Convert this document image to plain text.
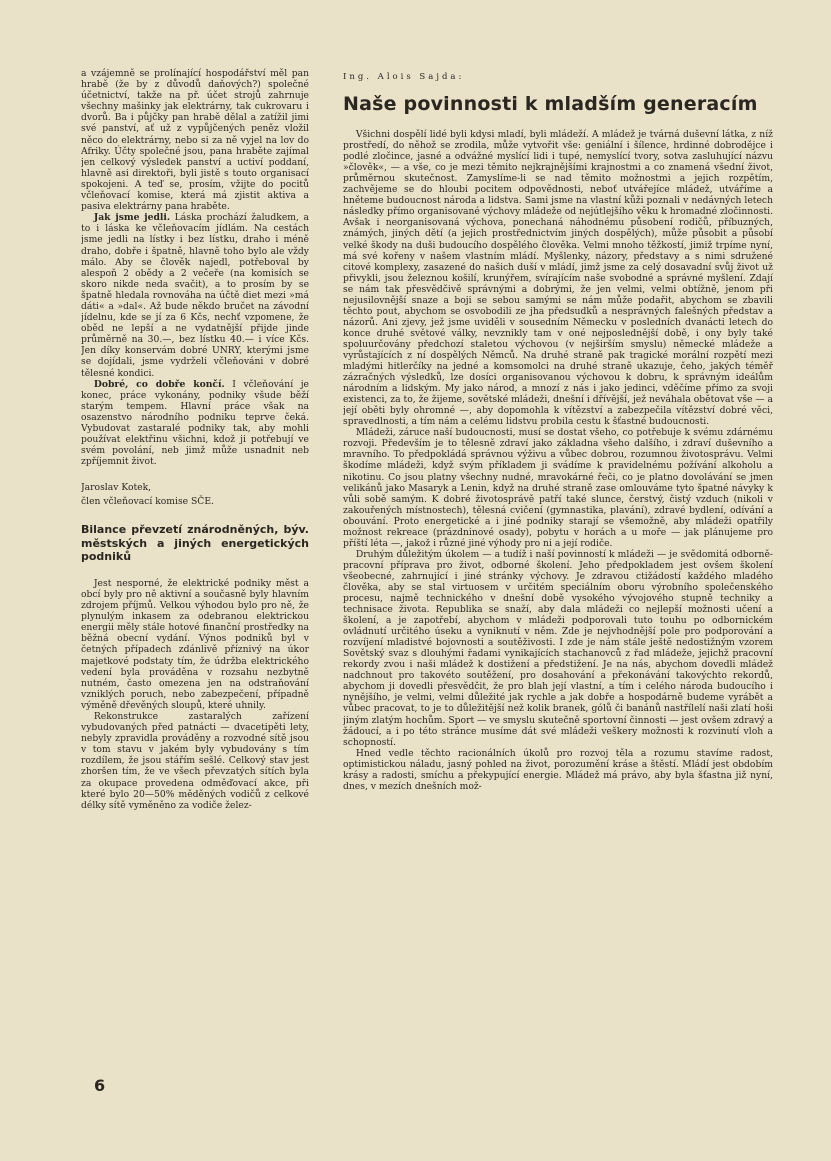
a vzájemně se prolínající hospodářství měl pan hrabě (že by z důvodů daňových?) společné účetnictví, takže na př. účet strojů zahrnuje všechny mašinky jak elektrárny, tak cukrovaru i dvorů. Ba i půjčky pan hrabě dělal a zatížil jimi své panství, ať už z vypůjčených peněz vložil něco do elektrárny, nebo si za ně vyjel na lov do Afriky. Účty společné jsou, pana hraběte zajímal jen celkový výsledek panství a uctiví poddaní, hlavně asi direktoři, byli jistě s touto organisací spokojeni. A teď se, prosím, vžijte do pocitů včleňovací komise, která má zjistit aktiva a pasiva elektrárny pana hraběte.

Jak jsme jedli. Láska prochází žaludkem, a to i láska ke včleňovacím jídlám. Na cestách jsme jedli na lístky i bez lístku, draho i méně draho, dobře i špatně, hlavně toho bylo ale vždy málo. Aby se člověk najedl, potřeboval by alespoň 2 obědy a 2 večeře (na komisích se skoro nikde neda svačit), a to prosím by se špatně hledala rovnováha na účtě diet mezi »má dáti« a »dal«. Až bude někdo bručet na závodní jídelnu, kde se jí za 6 Kčs, nechť vzpomene, že oběd ne lepší a ne vydatnější přijde jinde průměrně na 30.—, bez lístku 40.— i více Kčs. Jen díky konservám dobré UNRY, kterými jsme se dojídali, jsme vydrželi včleňováni v dobré tělesné kondici.

Dobré, co dobře končí. I včleňování je konec, práce vykonány, podniky všude běží starým tempem. Hlavní práce však na osazenstvo národního podniku teprve čeká. Vybudovat zastaralé podniky tak, aby mohli používat elektřinu všichni, kdož ji potřebují ve svém povolání, neb jimž může usnadnit neb zpříjemnit život.

Jaroslav Kotek,
člen včleňovací komise SČE.
Bilance převzetí znárodněných, býv. městských a jiných energetických podniků

Jest nesporné, že elektrické podniky měst a obcí byly pro ně aktivní a současně byly hlavním zdrojem příjmů. Velkou výhodou bylo pro ně, že plynulým inkasem za odebranou elektrickou energii měly stále hotové finanční prostředky na běžná obecní vydání. Výnos podniků byl v četných případech zdánlivě příznivý na úkor majetkové podstaty tím, že údržba elektrického vedení byla prováděna v rozsahu nezbytně nutném, často omezena jen na odstraňování vzniklých poruch, nebo zabezpečení, případně výměně dřevěných sloupů, které uhnily.

Rekonstrukce zastaralých zařízení vybudovaných před patnácti — dvacetipěti lety, nebyly zpravidla prováděny a rozvodné sítě jsou v tom stavu v jakém byly vybudovány s tím rozdílem, že jsou stářím sešlé. Celkový stav jest zhoršen tím, že ve všech převzatých sítích byla za okupace provedena odměďovací akce, při které bylo 20—50% měděných vodičů z celkové délky sítě vyměněno za vodiče želez-

Ing. Alois Sajda:
Naše povinnosti k mladším generacím

Všichni dospělí lidé byli kdysi mladí, byli mládeží. A mládež je tvárná duševní látka, z níž prostředí, do něhož se zrodila, může vytvořit vše: geniální i šílence, hrdinné dobrodějce i podlé zločince, jasné a odvážné myslící lidi i tupé, nemyslící tvory, sotva zasluhující názvu »člověk«, — a vše, co je mezi těmito nejkrajnějšími krajnostmi a co znamená všední život, průměrnou skutečnost. Zamyslíme-li se nad těmito možnostmi a jejich rozpětím, zachvějeme se do hloubi pocitem odpovědnosti, neboť utvářejíce mládež, utváříme a hněteme budoucnost národa a lidstva. Sami jsme na vlastní kůži poznali v nedávných letech následky přímo organisované výchovy mládeže od nejútlejšího věku k hromadné zločinnosti. Avšak i neorganisovaná výchova, ponechaná náhodnému působení rodičů, příbuzných, známých, jiných dětí (a jejich prostřednictvím jiných dospělých), může působit a působí velké škody na duši budoucího dospělého člověka. Velmi mnoho těžkostí, jimiž trpíme nyní, má své kořeny v našem vlastním mládí. Myšlenky, názory, představy a s nimi sdružené citové komplexy, zasazené do našich duší v mládí, jimž jsme za celý dosavadní svůj život už přivykli, jsou železnou košilí, krunýřem, svírajícím naše svobodné a správné myšlení. Zdají se nám tak přesvědčivě správnými a dobrými, že jen velmi, velmi obtížně, jenom při nejusilovnější snaze a boji se sebou samými se nám může podařit, abychom se zbavili těchto pout, abychom se osvobodili ze jha předsudků a nesprávných falešných představ a názorů. Ani zjevy, jež jsme uviděli v sousedním Německu v posledních dvanácti letech do konce druhé světové války, nevznikly tam v oné nejposlednější době, i ony byly také spoluurčovány předchozí staletou výchovou (v nejširším smyslu) německé mládeže a vyrůstajících z ní dospělých Němců. Na druhé straně pak tragické morální rozpětí mezi mladými hitlerčíky na jedné a komsomolci na druhé straně ukazuje, čeho, jakých téměř zázračných výsledků, lze dosíci organisovanou výchovou k dobru, k správným ideálům národním a lidským. My jako národ, a mnozí z nás i jako jedinci, vděčíme přímo za svoji existenci, za to, že žijeme, sovětské mládeži, dnešní i dřívější, jež neváhala obětovat vše — a její oběti byly ohromné —, aby dopomohla k vítězství a zabezpečila vítězství dobré věci, spravedlnosti, a tím nám a celému lidstvu probila cestu k šťastné budoucnosti.

Mládeži, záruce naší budoucnosti, musí se dostat všeho, co potřebuje k svému zdárnému rozvoji. Především je to tělesně zdraví jako základna všeho dalšího, i zdraví duševního a mravního. To předpokládá správnou výživu a vůbec dobrou, rozumnou životosprávu. Velmi škodíme mládeži, když svým příkladem ji svádíme k pravidelnému požívání alkoholu a nikotinu. Co jsou platny všechny nudné, mravokárné řeči, co je platno dovolávání se jmen velikánů jako Masaryk a Lenin, když na druhé straně zase omlouváme tyto špatné návyky k vůli sobě samým. K dobré životosprávě patří také slunce, čerstvý, čistý vzduch (nikoli v zakouřených místnostech), tělesná cvičení (gymnastika, plavání), zdravé bydlení, odívání a obouvání. Proto energetické a i jiné podniky starají se všemožně, aby mládeži opatřily možnost rekreace (prázdninové osady), pobytu v horách a u moře — jak plánujeme pro příští léta —, jakož i různé jiné výhody pro ni a její rodiče.

Druhým důležitým úkolem — a tudíž i naší povinností k mládeži — je svědomitá odborně-pracovní příprava pro život, odborné školení. Jeho předpokladem jest ovšem školení všeobecné, zahrnující i jiné stránky výchovy. Je zdravou ctižádostí každého mladého člověka, aby se stal virtuosem v určitém speciálním oboru výrobního společenského procesu, najmě technického v dnešní době vysokého vývojového stupně techniky a technisace života. Republika se snaží, aby dala mládeži co nejlepší možnosti učení a školení, a je zapotřebí, abychom v mládeži podporovali tuto touhu po odbornickém ovládnutí určitého úseku a vyniknutí v něm. Zde je nejvhodnější pole pro podporování a rozvíjení mladistvé bojovnosti a soutěživosti. I zde je nám stále ještě nedostižným vzorem Sovětský svaz s dlouhými řadami vynikajících stachanovců z řad mládeže, jejichž pracovní rekordy zvou i naši mládež k dostižení a předstižení. Je na nás, abychom dovedli mládež nadchnout pro takovéto soutěžení, pro dosahování a překonávání takovýchto rekordů, abychom ji dovedli přesvědčit, že pro blah její vlastní, a tím i celého národa budoucího i nynějšího, je velmi, velmi důležité jak rychle a jak dobře a hospodárně budeme vyrábět a vůbec pracovat, to je to důležitější než kolik branek, gólů či banánů nastřílelí naši zlatí hoši jiným zlatým hochům. Sport — ve smyslu skutečně sportovní činnosti — jest ovšem zdravý a žádoucí, a i po této stránce musíme dát své mládeži veškery možnosti k rozvinutí vloh a schopností.

Hned vedle těchto racionálních úkolů pro rozvoj těla a rozumu stavíme radost, optimistickou náladu, jasný pohled na život, porozumění kráse a štěstí. Mládí jest obdobím krásy a radosti, smíchu a překypující energie. Mládež má právo, aby byla šťastna již nyní, dnes, v mezích dnešních mož-

6
